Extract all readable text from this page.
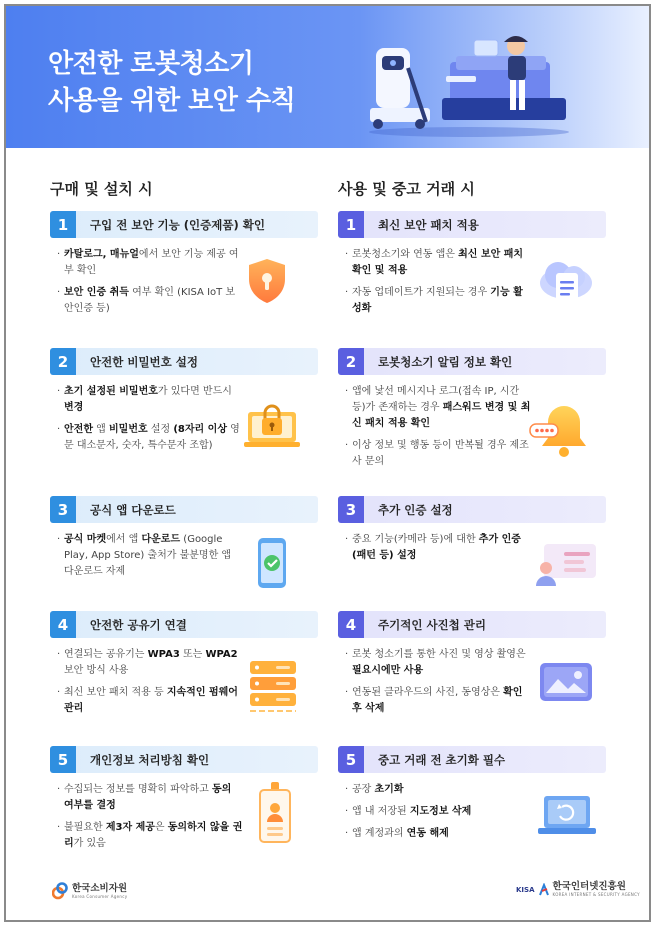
안전한 로봇청소기
사용을 위한 보안 수칙
구매 및 설치 시	사용 및 중고 거래 시
1	구입 전 보안 기능 (인증제품) 확인
· 카탈로그, 매뉴얼에서 보안 기능 제공 여부 확인
· 보안 인증 취득 여부 확인 (KISA IoT 보안인증 등)
2	안전한 비밀번호 설정
· 초기 설정된 비밀번호가 있다면 반드시 변경
· 안전한 앱 비밀번호 설정 (8자리 이상 영문 대소문자, 숫자, 특수문자 조합)
3	공식 앱 다운로드
· 공식 마켓에서 앱 다운로드 (Google Play, App Store) 출처가 불분명한 앱 다운로드 자제
4	안전한 공유기 연결
· 연결되는 공유기는 WPA3 또는 WPA2 보안 방식 사용
· 최신 보안 패치 적용 등 지속적인 펌웨어 관리
5	개인정보 처리방침 확인
· 수집되는 정보를 명확히 파악하고 동의 여부를 결정
· 불필요한 제3자 제공은 동의하지 않을 권리가 있음
1	최신 보안 패치 적용
· 로봇청소기와 연동 앱은 최신 보안 패치 확인 및 적용
· 자동 업데이트가 지원되는 경우 기능 활성화
2	로봇청소기 알림 정보 확인
· 앱에 낯선 메시지나 로그(접속 IP, 시간 등)가 존재하는 경우 패스워드 변경 및 최신 패치 적용 확인
· 이상 정보 및 행동 등이 반복될 경우 제조사 문의
3	추가 인증 설정
· 중요 기능(카메라 등)에 대한 추가 인증(패턴 등) 설정
4	주기적인 사진첩 관리
· 로봇 청소기를 통한 사진 및 영상 촬영은 필요시에만 사용
· 연동된 클라우드의 사진, 동영상은 확인 후 삭제
5	중고 거래 전 초기화 필수
· 공장 초기화
· 앱 내 저장된 지도정보 삭제
· 앱 계정과의 연동 해제
한국소비자원
Korea Consumer Agency
KISA 한국인터넷진흥원
KOREA INTERNET & SECURITY AGENCY
